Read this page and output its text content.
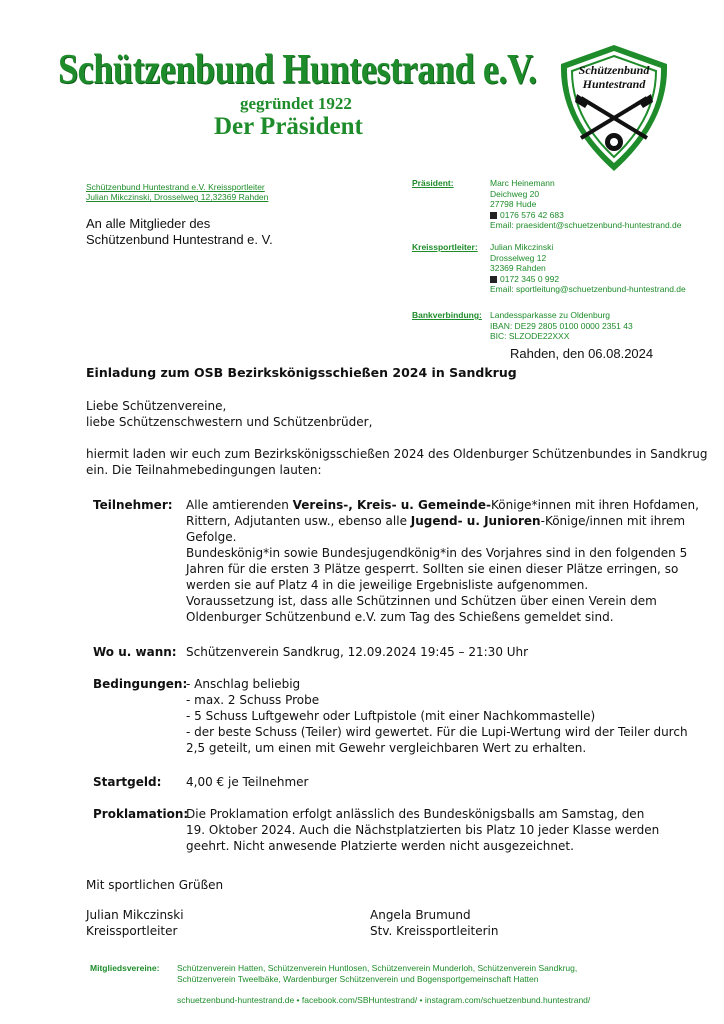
Schützenbund Huntestrand e.V.
gegründet 1922
Der Präsident
Schützenbund
Huntestrand
Schützenbund Huntestrand e.V. Kreissportleiter
Julian Mikczinski, Drosselweg 12,32369 Rahden
An alle Mitglieder des
Schützenbund Huntestrand e. V.
Präsident:	Marc Heinemann
Deichweg 20
27798 Hude
0176 576 42 683
Email: praesident@schuetzenbund-huntestrand.de
Kreissportleiter: Julian Mikczinski
Drosselweg 12
32369 Rahden
0172 345 0 992
Email: sportleitung@schuetzenbund-huntestrand.de
Bankverbindung: Landessparkasse zu Oldenburg
IBAN: DE29 2805 0100 0000 2351 43
BIC: SLZODE22XXX
Rahden, den 06.08.2024
Einladung zum OSB Bezirkskönigsschießen 2024 in Sandkrug
Liebe Schützenvereine,
liebe Schützenschwestern und Schützenbrüder,
hiermit laden wir euch zum Bezirkskönigsschießen 2024 des Oldenburger Schützenbundes in Sandkrug
ein. Die Teilnahmebedingungen lauten:
Teilnehmer: Alle amtierenden Vereins-, Kreis- u. Gemeinde-Könige*innen mit ihren Hofdamen,
Rittern, Adjutanten usw., ebenso alle Jugend- u. Junioren-Könige/innen mit ihrem
Gefolge.
Bundeskönig*in sowie Bundesjugendkönig*in des Vorjahres sind in den folgenden 5
Jahren für die ersten 3 Plätze gesperrt. Sollten sie einen dieser Plätze erringen, so
werden sie auf Platz 4 in die jeweilige Ergebnisliste aufgenommen.
Voraussetzung ist, dass alle Schützinnen und Schützen über einen Verein dem
Oldenburger Schützenbund e.V. zum Tag des Schießens gemeldet sind.
Wo u. wann: Schützenverein Sandkrug, 12.09.2024 19:45 – 21:30 Uhr
Bedingungen:
- Anschlag beliebig
- max. 2 Schuss Probe
- 5 Schuss Luftgewehr oder Luftpistole (mit einer Nachkommastelle)
- der beste Schuss (Teiler) wird gewertet. Für die Lupi-Wertung wird der Teiler durch
2,5 geteilt, um einen mit Gewehr vergleichbaren Wert zu erhalten.
Startgeld: 4,00 € je Teilnehmer
Proklamation:
Die Proklamation erfolgt anlässlich des Bundeskönigsballs am Samstag, den
19. Oktober 2024. Auch die Nächstplatzierten bis Platz 10 jeder Klasse werden
geehrt. Nicht anwesende Platzierte werden nicht ausgezeichnet.
Mit sportlichen Grüßen
Julian Mikczinski
Kreissportleiter
Angela Brumund
Stv. Kreissportleiterin
Mitgliedsvereine: Schützenverein Hatten, Schützenverein Huntlosen, Schützenverein Munderloh, Schützenverein Sandkrug,
Schützenverein Tweelbäke, Wardenburger Schützenverein und Bogensportgemeinschaft Hatten
schuetzenbund-huntestrand.de • facebook.com/SBHuntestrand/ • instagram.com/schuetzenbund.huntestrand/
